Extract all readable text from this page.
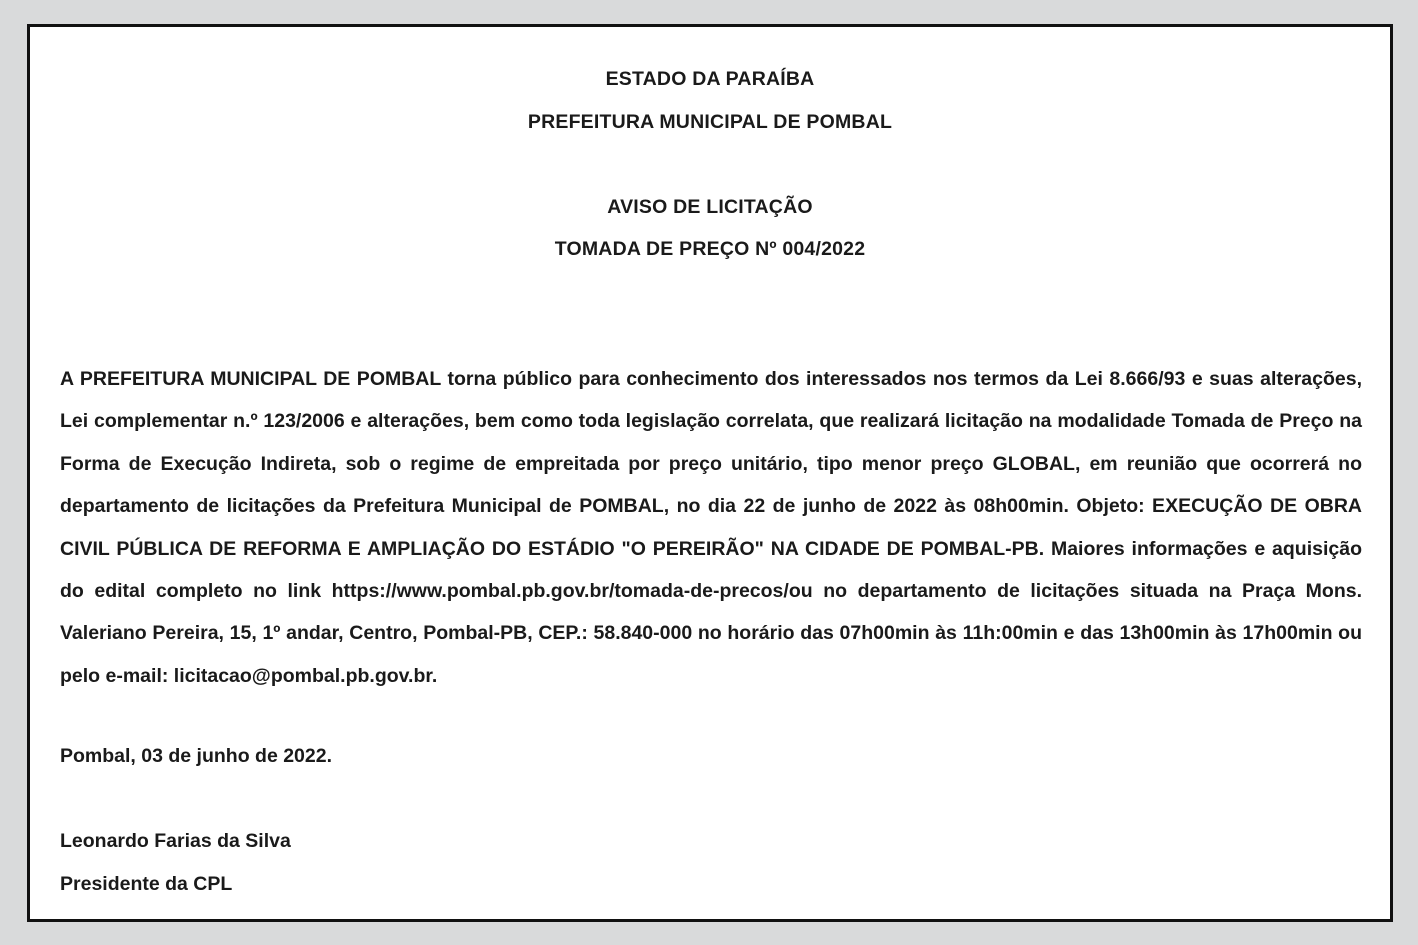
ESTADO DA PARAÍBA
PREFEITURA MUNICIPAL DE POMBAL
AVISO DE LICITAÇÃO
TOMADA DE PREÇO Nº 004/2022

A PREFEITURA MUNICIPAL DE POMBAL torna público para conhecimento dos interessados nos termos da Lei 8.666/93 e suas alterações, Lei complementar n.º 123/2006 e alterações, bem como toda legislação correlata, que realizará licitação na modalidade Tomada de Preço na Forma de Execução Indireta, sob o regime de empreitada por preço unitário, tipo menor preço GLOBAL, em reunião que ocorrerá no departamento de licitações da Prefeitura Municipal de POMBAL, no dia 22 de junho de 2022 às 08h00min. Objeto: EXECUÇÃO DE OBRA CIVIL PÚBLICA DE REFORMA E AMPLIAÇÃO DO ESTÁDIO "O PEREIRÃO" NA CIDADE DE POMBAL-PB. Maiores informações e aquisição do edital completo no link https://www.pombal.pb.gov.br/tomada-de-precos/ou no departamento de licitações situada na Praça Mons. Valeriano Pereira, 15, 1º andar, Centro, Pombal-PB, CEP.: 58.840-000 no horário das 07h00min às 11h:00min e das 13h00min às 17h00min ou pelo e-mail: licitacao@pombal.pb.gov.br.

Pombal, 03 de junho de 2022.
Leonardo Farias da Silva
Presidente da CPL
